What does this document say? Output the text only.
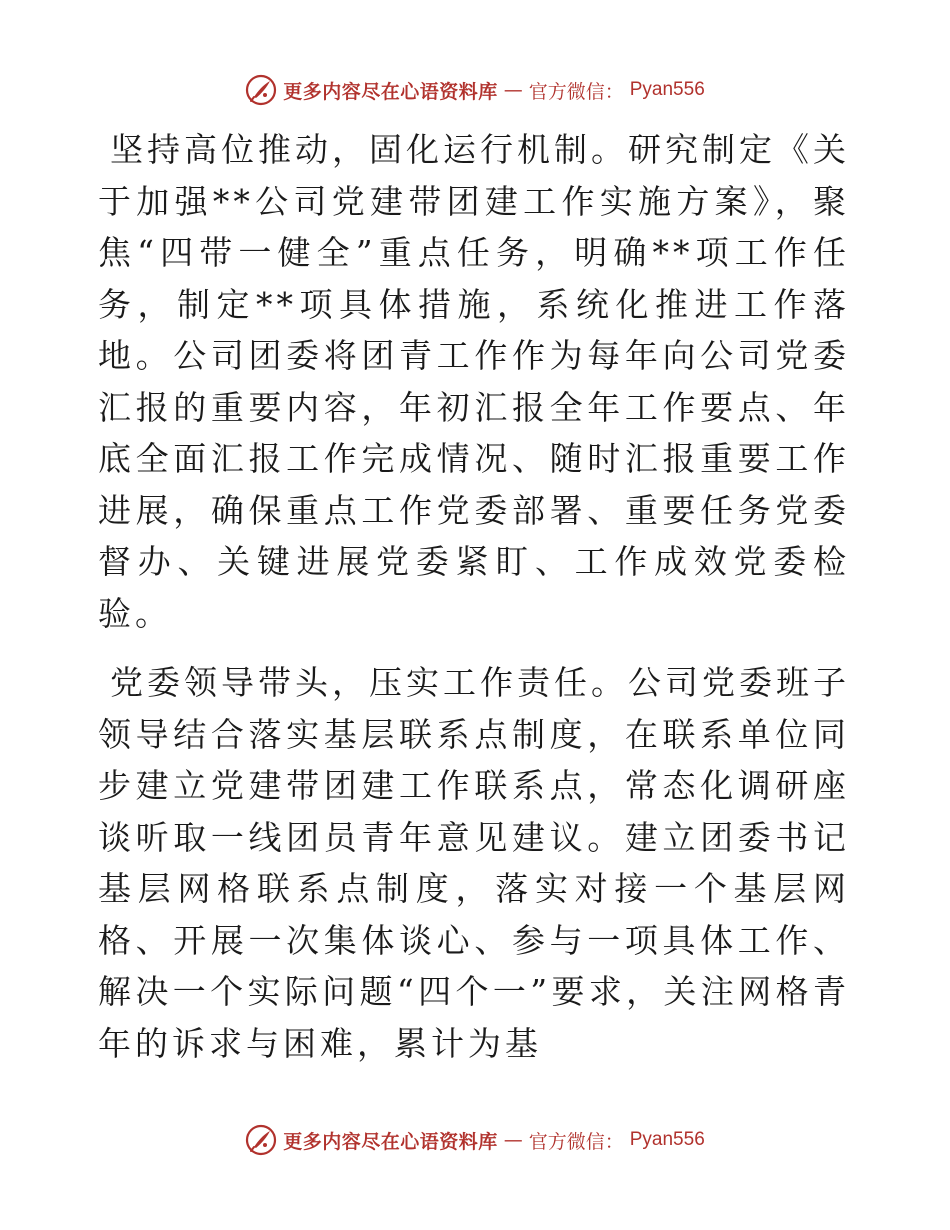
更多内容尽在心语资料库 — 官方微信： Pyan556

坚持高位推动，固化运行机制。研究制定《关于加强**公司党建带团建工作实施方案》，聚焦“四带一健全”重点任务，明确**项工作任务，制定**项具体措施，系统化推进工作落地。公司团委将团青工作作为每年向公司党委汇报的重要内容，年初汇报全年工作要点、年底全面汇报工作完成情况、随时汇报重要工作进展，确保重点工作党委部署、重要任务党委督办、关键进展党委紧盯、工作成效党委检验。

党委领导带头，压实工作责任。公司党委班子领导结合落实基层联系点制度，在联系单位同步建立党建带团建工作联系点，常态化调研座谈听取一线团员青年意见建议。建立团委书记基层网格联系点制度，落实对接一个基层网格、开展一次集体谈心、参与一项具体工作、解决一个实际问题“四个一”要求，关注网格青年的诉求与困难，累计为基

更多内容尽在心语资料库 — 官方微信： Pyan556
